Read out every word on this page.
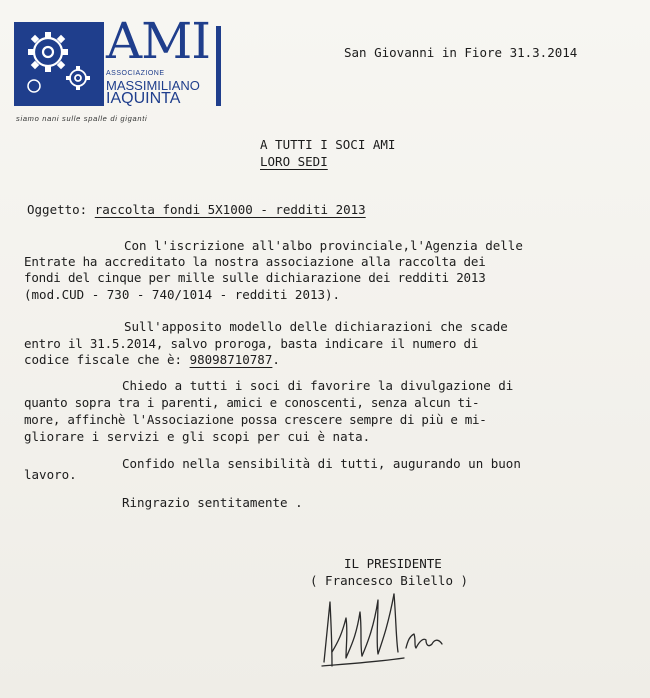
AMI
ASSOCIAZIONE
MASSIMILIANO
IAQUINTA
siamo nani sulle spalle di giganti
San Giovanni in Fiore 31.3.2014
A TUTTI I SOCI AMI
LORO SEDI
Oggetto: raccolta fondi 5X1000 - redditi 2013
Con l'iscrizione all'albo provinciale,l'Agenzia delle
Entrate ha accreditato la nostra associazione alla raccolta dei
fondi del cinque per mille sulle dichiarazione dei redditi 2013
(mod.CUD - 730 - 740/1014 - redditi 2013).
Sull'apposito modello delle dichiarazioni che scade
entro il 31.5.2014, salvo proroga, basta indicare il numero di
codice fiscale che è: 98098710787.
Chiedo a tutti i soci di favorire la divulgazione di
quanto sopra tra i parenti, amici e conoscenti, senza alcun ti-
more, affinchè l'Associazione possa crescere sempre di più e mi-
gliorare i servizi e gli scopi per cui è nata.
Confido nella sensibilità di tutti, augurando un buon
lavoro.
Ringrazio sentitamente .
IL PRESIDENTE
( Francesco Bilello )
